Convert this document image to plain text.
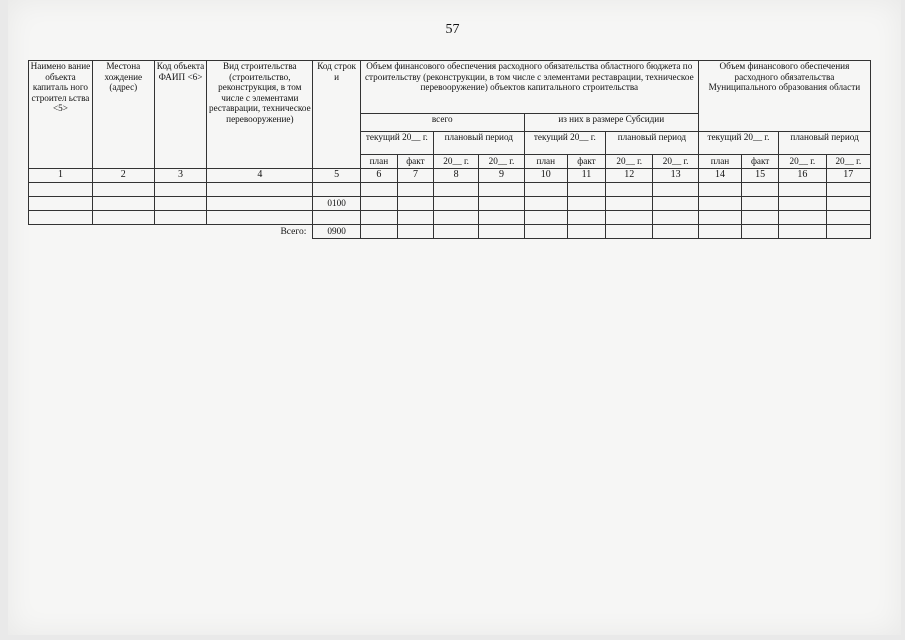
57
Наимено вание объекта капиталь ного строител ьства <5>	Местона хождение (адрес)	Код объекта ФАИП <6>	Вид строительства (строительство, реконструкция, в том числе с элементами реставрации, техническое перевооружение)	Код строк и	Объем финансового обеспечения расходного обязательства областного бюджета по строительству (реконструкции, в том числе с элементами реставрации, техническое перевооружение) объектов капитального строительства								Объем финансового обеспечения расходного обязательства Муниципального образования области			
					всего				из них в размере Субсидии							
					текущий 20__ г.		плановый период		текущий 20__ г.		плановый период		текущий 20__ г.		плановый период	
					план	факт	20__ г.	20__ г.	план	факт	20__ г.	20__ г.	план	факт	20__ г.	20__ г.
1	2	3	4	5	6	7	8	9	10	11	12	13	14	15	16	17

				0100												

Всего:				0900												
